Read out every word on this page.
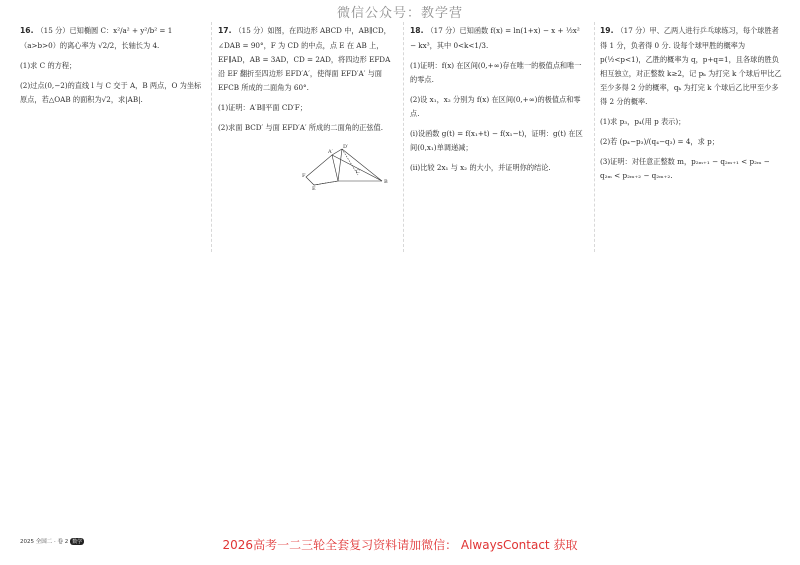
微信公众号：教学营

16. （15 分）已知椭圆 C：x²/a² + y²/b² = 1（a>b>0）的离心率为 √2/2，长轴长为 4.

(1)求 C 的方程；

(2)过点(0,−2)的直线 l 与 C 交于 A，B 两点，O 为坐标原点，若△OAB 的面积为√2，求|AB|.

17. （15 分）如图，在四边形 ABCD 中，AB∥CD，∠DAB = 90°，F 为 CD 的中点，点 E 在 AB 上，EF∥AD，AB = 3AD，CD = 2AD，将四边形 EFDA 沿 EF 翻折至四边形 EFD′A′，使得面 EFD′A′ 与面 EFCB 所成的二面角为 60°.

(1)证明：A′B∥平面 CD′F；

(2)求面 BCD′ 与面 EFD′A′ 所成的二面角的正弦值.

A′
D′
F
C
B
E

18. （17 分）已知函数 f(x) = ln(1+x) − x + ½x² − kx³，其中 0<k<1/3.

(1)证明：f(x) 在区间(0,+∞)存在唯一的极值点和唯一的零点.

(2)设 x₁，x₂ 分别为 f(x) 在区间(0,+∞)的极值点和零点.

(i)设函数 g(t) = f(x₁+t) − f(x₁−t)，证明：g(t) 在区间(0,x₁)单调递减；

(ii)比较 2x₁ 与 x₂ 的大小，并证明你的结论.

19. （17 分）甲、乙两人进行乒乓球练习，每个球胜者得 1 分，负者得 0 分. 设每个球甲胜的概率为 p(½<p<1)，乙胜的概率为 q，p+q=1，且各球的胜负相互独立，对正整数 k≥2，记 pₖ 为打完 k 个球后甲比乙至少多得 2 分的概率，qₖ 为打完 k 个球后乙比甲至少多得 2 分的概率.

(1)求 p₃，p₄(用 p 表示)；

(2)若 (p₄−p₃)/(q₄−q₃) = 4，求 p；

(3)证明：对任意正整数 m，p₂ₘ₊₁ − q₂ₘ₊₁ < p₂ₘ − q₂ₘ < p₂ₘ₊₂ − q₂ₘ₊₂.

2025 全国二 · 卷 2 数学	2026高考一二三轮全套复习资料请加微信： AlwaysContact 获取
